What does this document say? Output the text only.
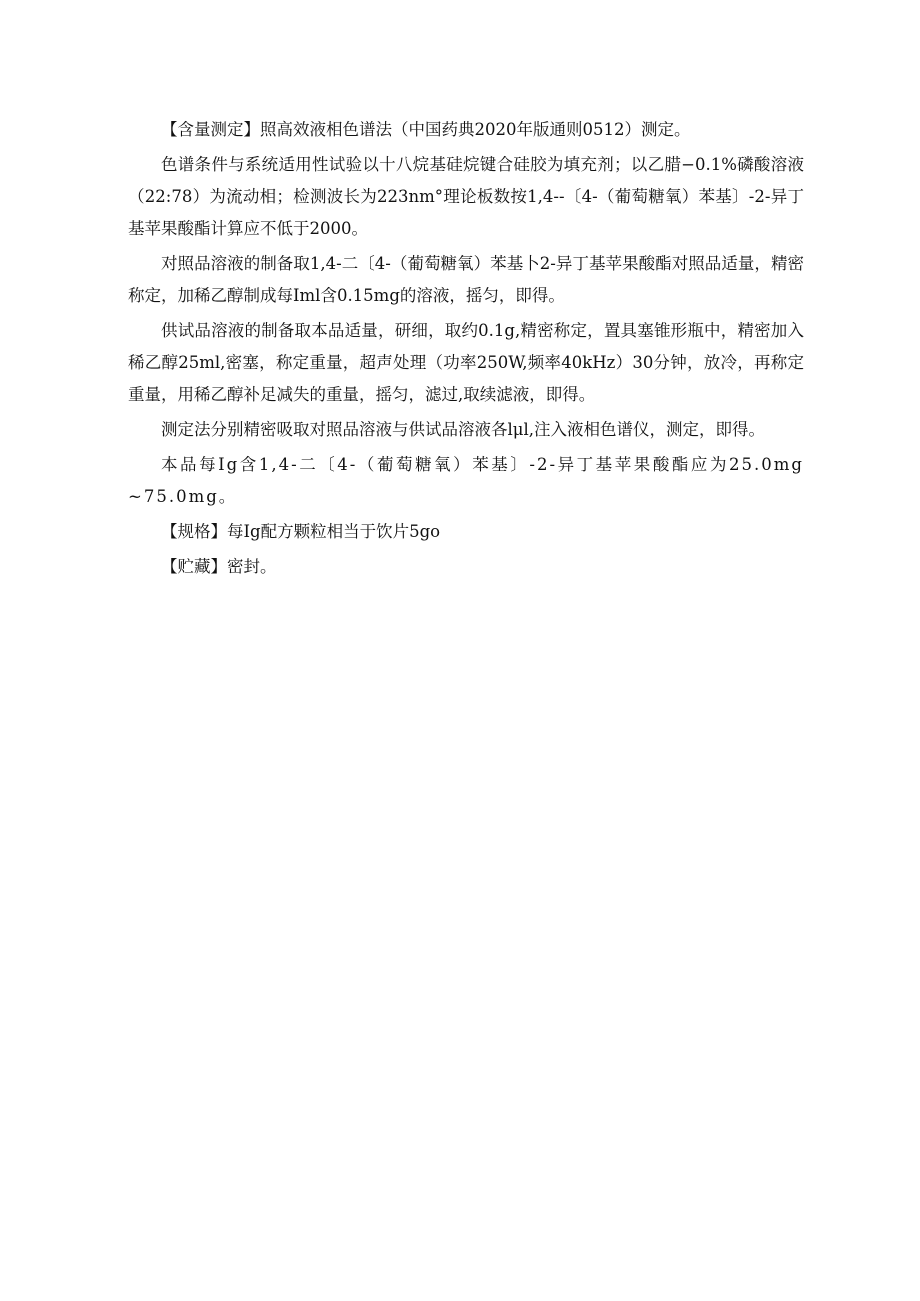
【含量测定】照高效液相色谱法（中国药典2020年版通则0512）测定。

色谱条件与系统适用性试验以十八烷基硅烷键合硅胶为填充剂；以乙腊−0.1%磷酸溶液（22:78）为流动相；检测波长为223nm°理论板数按1,4--〔4-（葡萄糖氧）苯基〕-2-异丁基苹果酸酯计算应不低于2000。

对照品溶液的制备取1,4-二〔4-（葡萄糖氧）苯基卜2-异丁基苹果酸酯对照品适量，精密称定，加稀乙醇制成每Iml含0.15mg的溶液，摇匀，即得。

供试品溶液的制备取本品适量，研细，取约0.1g,精密称定，置具塞锥形瓶中，精密加入稀乙醇25ml,密塞，称定重量，超声处理（功率250W,频率40kHz）30分钟，放冷，再称定重量，用稀乙醇补足减失的重量，摇匀，滤过,取续滤液，即得。

测定法分别精密吸取对照品溶液与供试品溶液各lμl,注入液相色谱仪，测定，即得。

本品每Ig含1,4-二〔4-（葡萄糖氧）苯基〕-2-异丁基苹果酸酯应为25.0mg~75.0mg。

【规格】每Ig配方颗粒相当于饮片5go

【贮藏】密封。
